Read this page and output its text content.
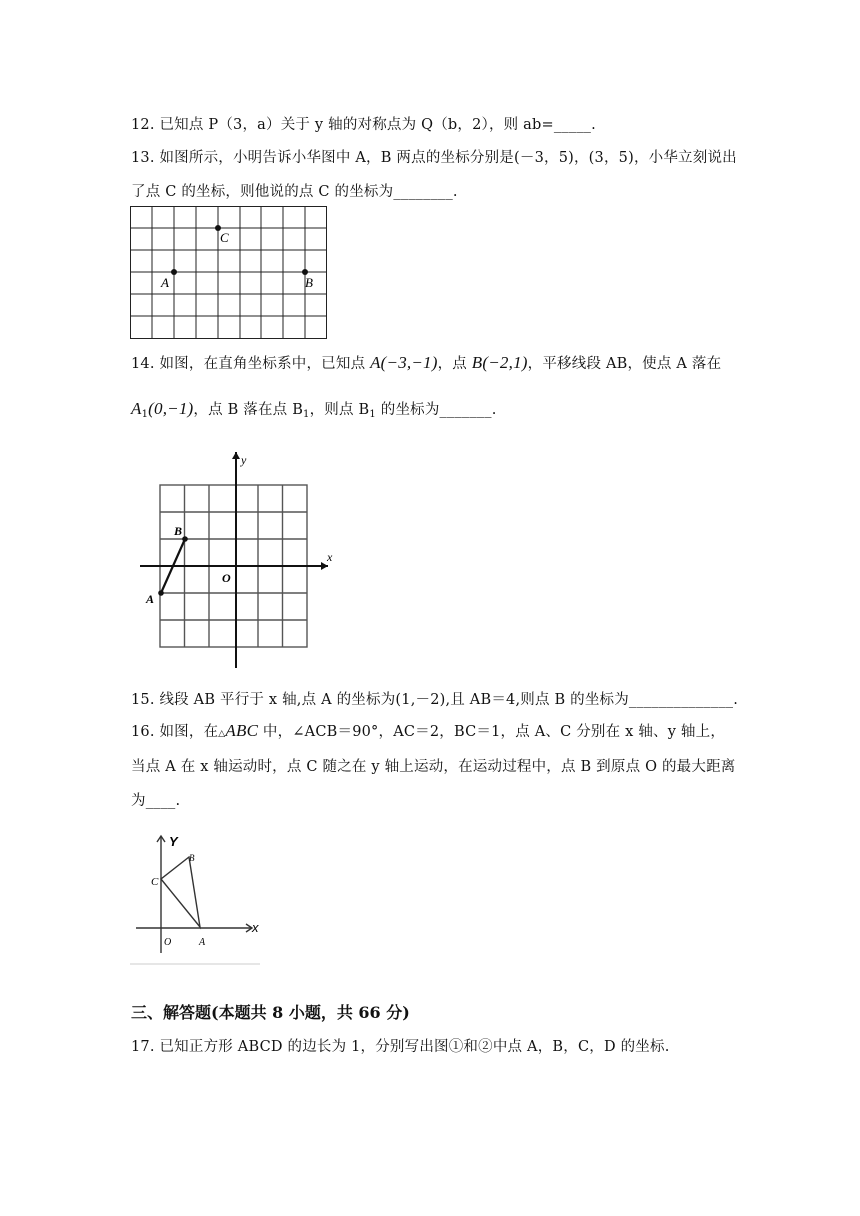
12. 已知点 P（3，a）关于 y 轴的对称点为 Q（b，2），则 ab=_____.
13. 如图所示，小明告诉小华图中 A，B 两点的坐标分别是(－3，5)，(3，5)，小华立刻说出
了点 C 的坐标，则他说的点 C 的坐标为________.
C
A	B
14. 如图，在直角坐标系中，已知点 A(−3,−1)，点 B(−2,1)，平移线段 AB，使点 A 落在
$A_1(0,-1)$，点 B 落在点 $B_1$，则点 $B_1$ 的坐标为_______.
y
x
B
O
A
15. 线段 AB 平行于 x 轴,点 A 的坐标为(1,－2),且 AB＝4,则点 B 的坐标为______________.
16. 如图，在△ABC 中，∠ACB＝90°，AC＝2，BC＝1，点 A、C 分别在 x 轴、y 轴上，
当点 A 在 x 轴运动时，点 C 随之在 y 轴上运动，在运动过程中，点 B 到原点 O 的最大距离
为____.
Y
x
C
B
O	A
三、解答题(本题共 8 小题，共 66 分)
17. 已知正方形 ABCD 的边长为 1，分别写出图①和②中点 A，B，C，D 的坐标.
